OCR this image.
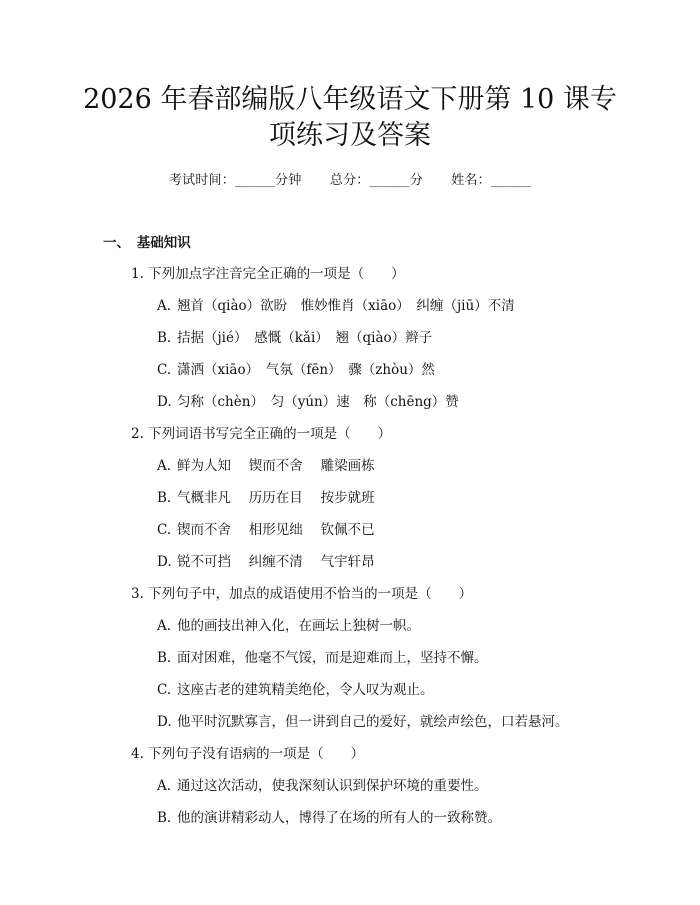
2026 年春部编版八年级语文下册第 10 课专
项练习及答案
考试时间：______分钟 总分：______分 姓名：______
一、　基础知识
1. 下列加点字注音完全正确的一项是（　　）
A. 翘首（qiào）欲盼　惟妙惟肖（xiāo）　纠缠（jiū）不清
B. 拮据（jié）　感慨（kǎi）　翘（qiào）辫子
C. 潇洒（xiāo）　气氛（fēn）　骤（zhòu）然
D. 匀称（chèn）　匀（yún）速　称（chēng）赞
2. 下列词语书写完全正确的一项是（　　）
A. 鲜为人知　 锲而不舍　 雕梁画栋
B. 气概非凡　 历历在目　 按步就班
C. 锲而不舍　 相形见绌　 钦佩不已
D. 锐不可挡　 纠缠不清　 气宇轩昂
3. 下列句子中，加点的成语使用不恰当的一项是（　　）
A. 他的画技出神入化，在画坛上独树一帜。
B. 面对困难，他毫不气馁，而是迎难而上，坚持不懈。
C. 这座古老的建筑精美绝伦，令人叹为观止。
D. 他平时沉默寡言，但一讲到自己的爱好，就绘声绘色，口若悬河。
4. 下列句子没有语病的一项是（　　）
A. 通过这次活动，使我深刻认识到保护环境的重要性。
B. 他的演讲精彩动人，博得了在场的所有人的一致称赞。
